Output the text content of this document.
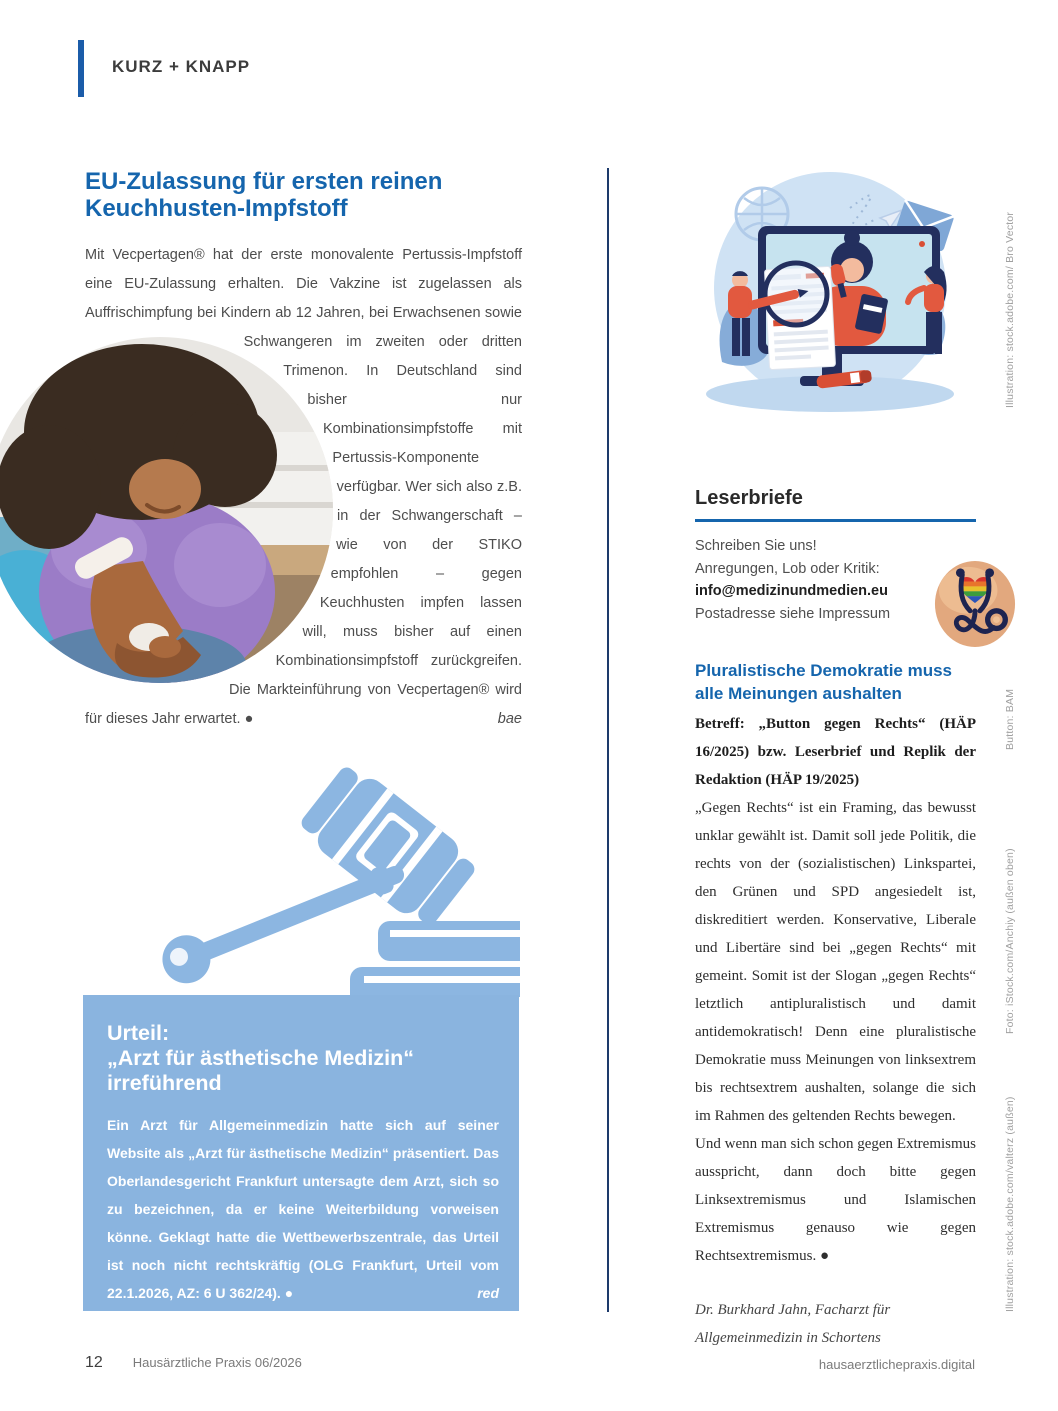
KURZ + KNAPP
EU-Zulassung für ersten reinen
Keuchhusten-Impfstoff

Mit Vecpertagen® hat der erste monovalente Pertussis-Impfstoff eine EU-Zulassung erhalten. Die Vakzine ist zugelassen als Auffrischimpfung bei Kindern ab 12 Jahren, bei Erwachsenen sowie Schwangeren im zweiten oder dritten Trimenon. In Deutschland sind bisher nur Kombinationsimpfstoffe mit Pertussis-Komponente verfügbar. Wer sich also z.B. in der Schwangerschaft – wie von der STIKO empfohlen – gegen Keuchhusten impfen lassen will, muss bisher auf einen Kombinationsimpfstoff zurückgreifen. Die Markteinführung von Vecpertagen® wird für dieses Jahr erwartet. ●	bae

Urteil:
„Arzt für ästhetische Medizin“
irreführend

Ein Arzt für Allgemeinmedizin hatte sich auf seiner Website als „Arzt für ästhetische Medizin“ präsentiert. Das Oberlandesgericht Frankfurt untersagte dem Arzt, sich so zu bezeichnen, da er keine Weiterbildung vorweisen könne. Geklagt hatte die Wettbewerbszentrale, das Urteil ist noch nicht rechtskräftig (OLG Frankfurt, Urteil vom 22.1.2026, AZ: 6 U 362/24). ●	red

Leserbriefe
Schreiben Sie uns!
Anregungen, Lob oder Kritik:
info@medizinundmedien.eu
Postadresse siehe Impressum
Pluralistische Demokratie muss
alle Meinungen aushalten

Betreff: „Button gegen Rechts“ (HÄP 16/2025) bzw. Leserbrief und Replik der Redaktion (HÄP 19/2025)

„Gegen Rechts“ ist ein Framing, das bewusst unklar gewählt ist. Damit soll jede Politik, die rechts von der (sozialistischen) Linkspartei, den Grünen und SPD angesiedelt ist, diskreditiert werden. Konservative, Liberale und Libertäre sind bei „gegen Rechts“ mit gemeint. Somit ist der Slogan „gegen Rechts“ letztlich antipluralistisch und damit antidemokratisch! Denn eine pluralistische Demokratie muss Meinungen von linksextrem bis rechtsextrem aushalten, solange die sich im Rahmen des geltenden Rechts bewegen.

Und wenn man sich schon gegen Extremismus ausspricht, dann doch bitte gegen Linksextremismus und Islamischen Extremismus genauso wie gegen Rechtsextremismus. ●

Dr. Burkhard Jahn, Facharzt für Allgemeinmedizin in Schortens
Illustration: stock.adobe.com/ Bro Vector
Button: BAM
Foto: iStock.com/Anchiy (außen oben)
Illustration: stock.adobe.com/valterz (außen)
12 Hausärztliche Praxis 06/2026	hausaerztlichepraxis.digital
